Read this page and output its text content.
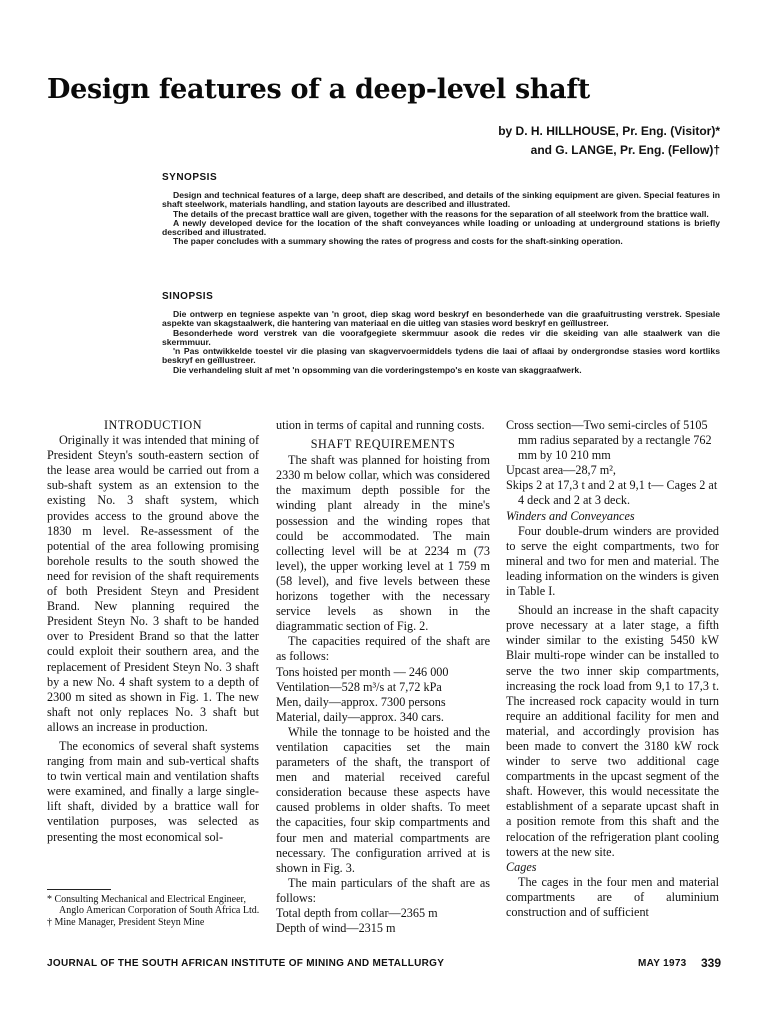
Design features of a deep-level shaft
by D. H. HILLHOUSE, Pr. Eng. (Visitor)*
and G. LANGE, Pr. Eng. (Fellow)†
SYNOPSIS

Design and technical features of a large, deep shaft are described, and details of the sinking equipment are given. Special features in shaft steelwork, materials handling, and station layouts are described and illustrated.

The details of the precast brattice wall are given, together with the reasons for the separation of all steelwork from the brattice wall.

A newly developed device for the location of the shaft conveyances while loading or unloading at underground stations is briefly described and illustrated.

The paper concludes with a summary showing the rates of progress and costs for the shaft-sinking operation.

SINOPSIS

Die ontwerp en tegniese aspekte van 'n groot, diep skag word beskryf en besonderhede van die graafuitrusting verstrek. Spesiale aspekte van skagstaalwerk, die hantering van materiaal en die uitleg van stasies word beskryf en geïllustreer.

Besonderhede word verstrek van die voorafgegiete skermmuur asook die redes vir die skeiding van alle staalwerk van die skermmuur.

'n Pas ontwikkelde toestel vir die plasing van skagvervoermiddels tydens die laai of aflaai by ondergrondse stasies word kortliks beskryf en geïllustreer.

Die verhandeling sluit af met 'n opsomming van die vorderingstempo's en koste van skaggraafwerk.

INTRODUCTION

Originally it was intended that mining of President Steyn's south-eastern section of the lease area would be carried out from a sub-shaft system as an extension to the existing No. 3 shaft system, which provides access to the ground above the 1830 m level. Re-assessment of the potential of the area following promising borehole results to the south showed the need for revision of the shaft requirements of both President Steyn and President Brand. New planning required the President Steyn No. 3 shaft to be handed over to President Brand so that the latter could exploit their southern area, and the replacement of President Steyn No. 3 shaft by a new No. 4 shaft system to a depth of 2300 m sited as shown in Fig. 1. The new shaft not only replaces No. 3 shaft but allows an increase in production.

The economics of several shaft systems ranging from main and sub-vertical shafts to twin vertical main and ventilation shafts were examined, and finally a large single-lift shaft, divided by a brattice wall for ventilation purposes, was selected as presenting the most economical sol-

ution in terms of capital and running costs.

SHAFT REQUIREMENTS

The shaft was planned for hoisting from 2330 m below collar, which was considered the maximum depth possible for the winding plant already in the mine's possession and the winding ropes that could be accommodated. The main collecting level will be at 2234 m (73 level), the upper working level at 1 759 m (58 level), and five levels between these horizons together with the necessary service levels as shown in the diagrammatic section of Fig. 2.

The capacities required of the shaft are as follows:

Tons hoisted per month — 246 000

Ventilation—528 m³/s at 7,72 kPa

Men, daily—approx. 7300 persons

Material, daily—approx. 340 cars.

While the tonnage to be hoisted and the ventilation capacities set the main parameters of the shaft, the transport of men and material received careful consideration because these aspects have caused problems in older shafts. To meet the capacities, four skip compartments and four men and material compartments are necessary. The configuration arrived at is shown in Fig. 3.

The main particulars of the shaft are as follows:

Total depth from collar—2365 m

Depth of wind—2315 m

Cross section—Two semi-circles of 5105 mm radius separated by a rectangle 762 mm by 10 210 mm

Upcast area—28,7 m²,

Skips 2 at 17,3 t and 2 at 9,1 t— Cages 2 at 4 deck and 2 at 3 deck.

Winders and Conveyances

Four double-drum winders are provided to serve the eight compartments, two for mineral and two for men and material. The leading information on the winders is given in Table I.

Should an increase in the shaft capacity prove necessary at a later stage, a fifth winder similar to the existing 5450 kW Blair multi-rope winder can be installed to serve the two inner skip compartments, increasing the rock load from 9,1 to 17,3 t. The increased rock capacity would in turn require an additional facility for men and material, and accordingly provision has been made to convert the 3180 kW rock winder to serve two additional cage compartments in the upcast segment of the shaft. However, this would necessitate the establishment of a separate upcast shaft in a position remote from this shaft and the relocation of the refrigeration plant cooling towers at the new site.

Cages

The cages in the four men and material compartments are of aluminium construction and of sufficient

* Consulting Mechanical and Electrical Engineer, Anglo American Corporation of South Africa Ltd.

† Mine Manager, President Steyn Mine

JOURNAL OF THE SOUTH AFRICAN INSTITUTE OF MINING AND METALLURGY	MAY 1973 339
